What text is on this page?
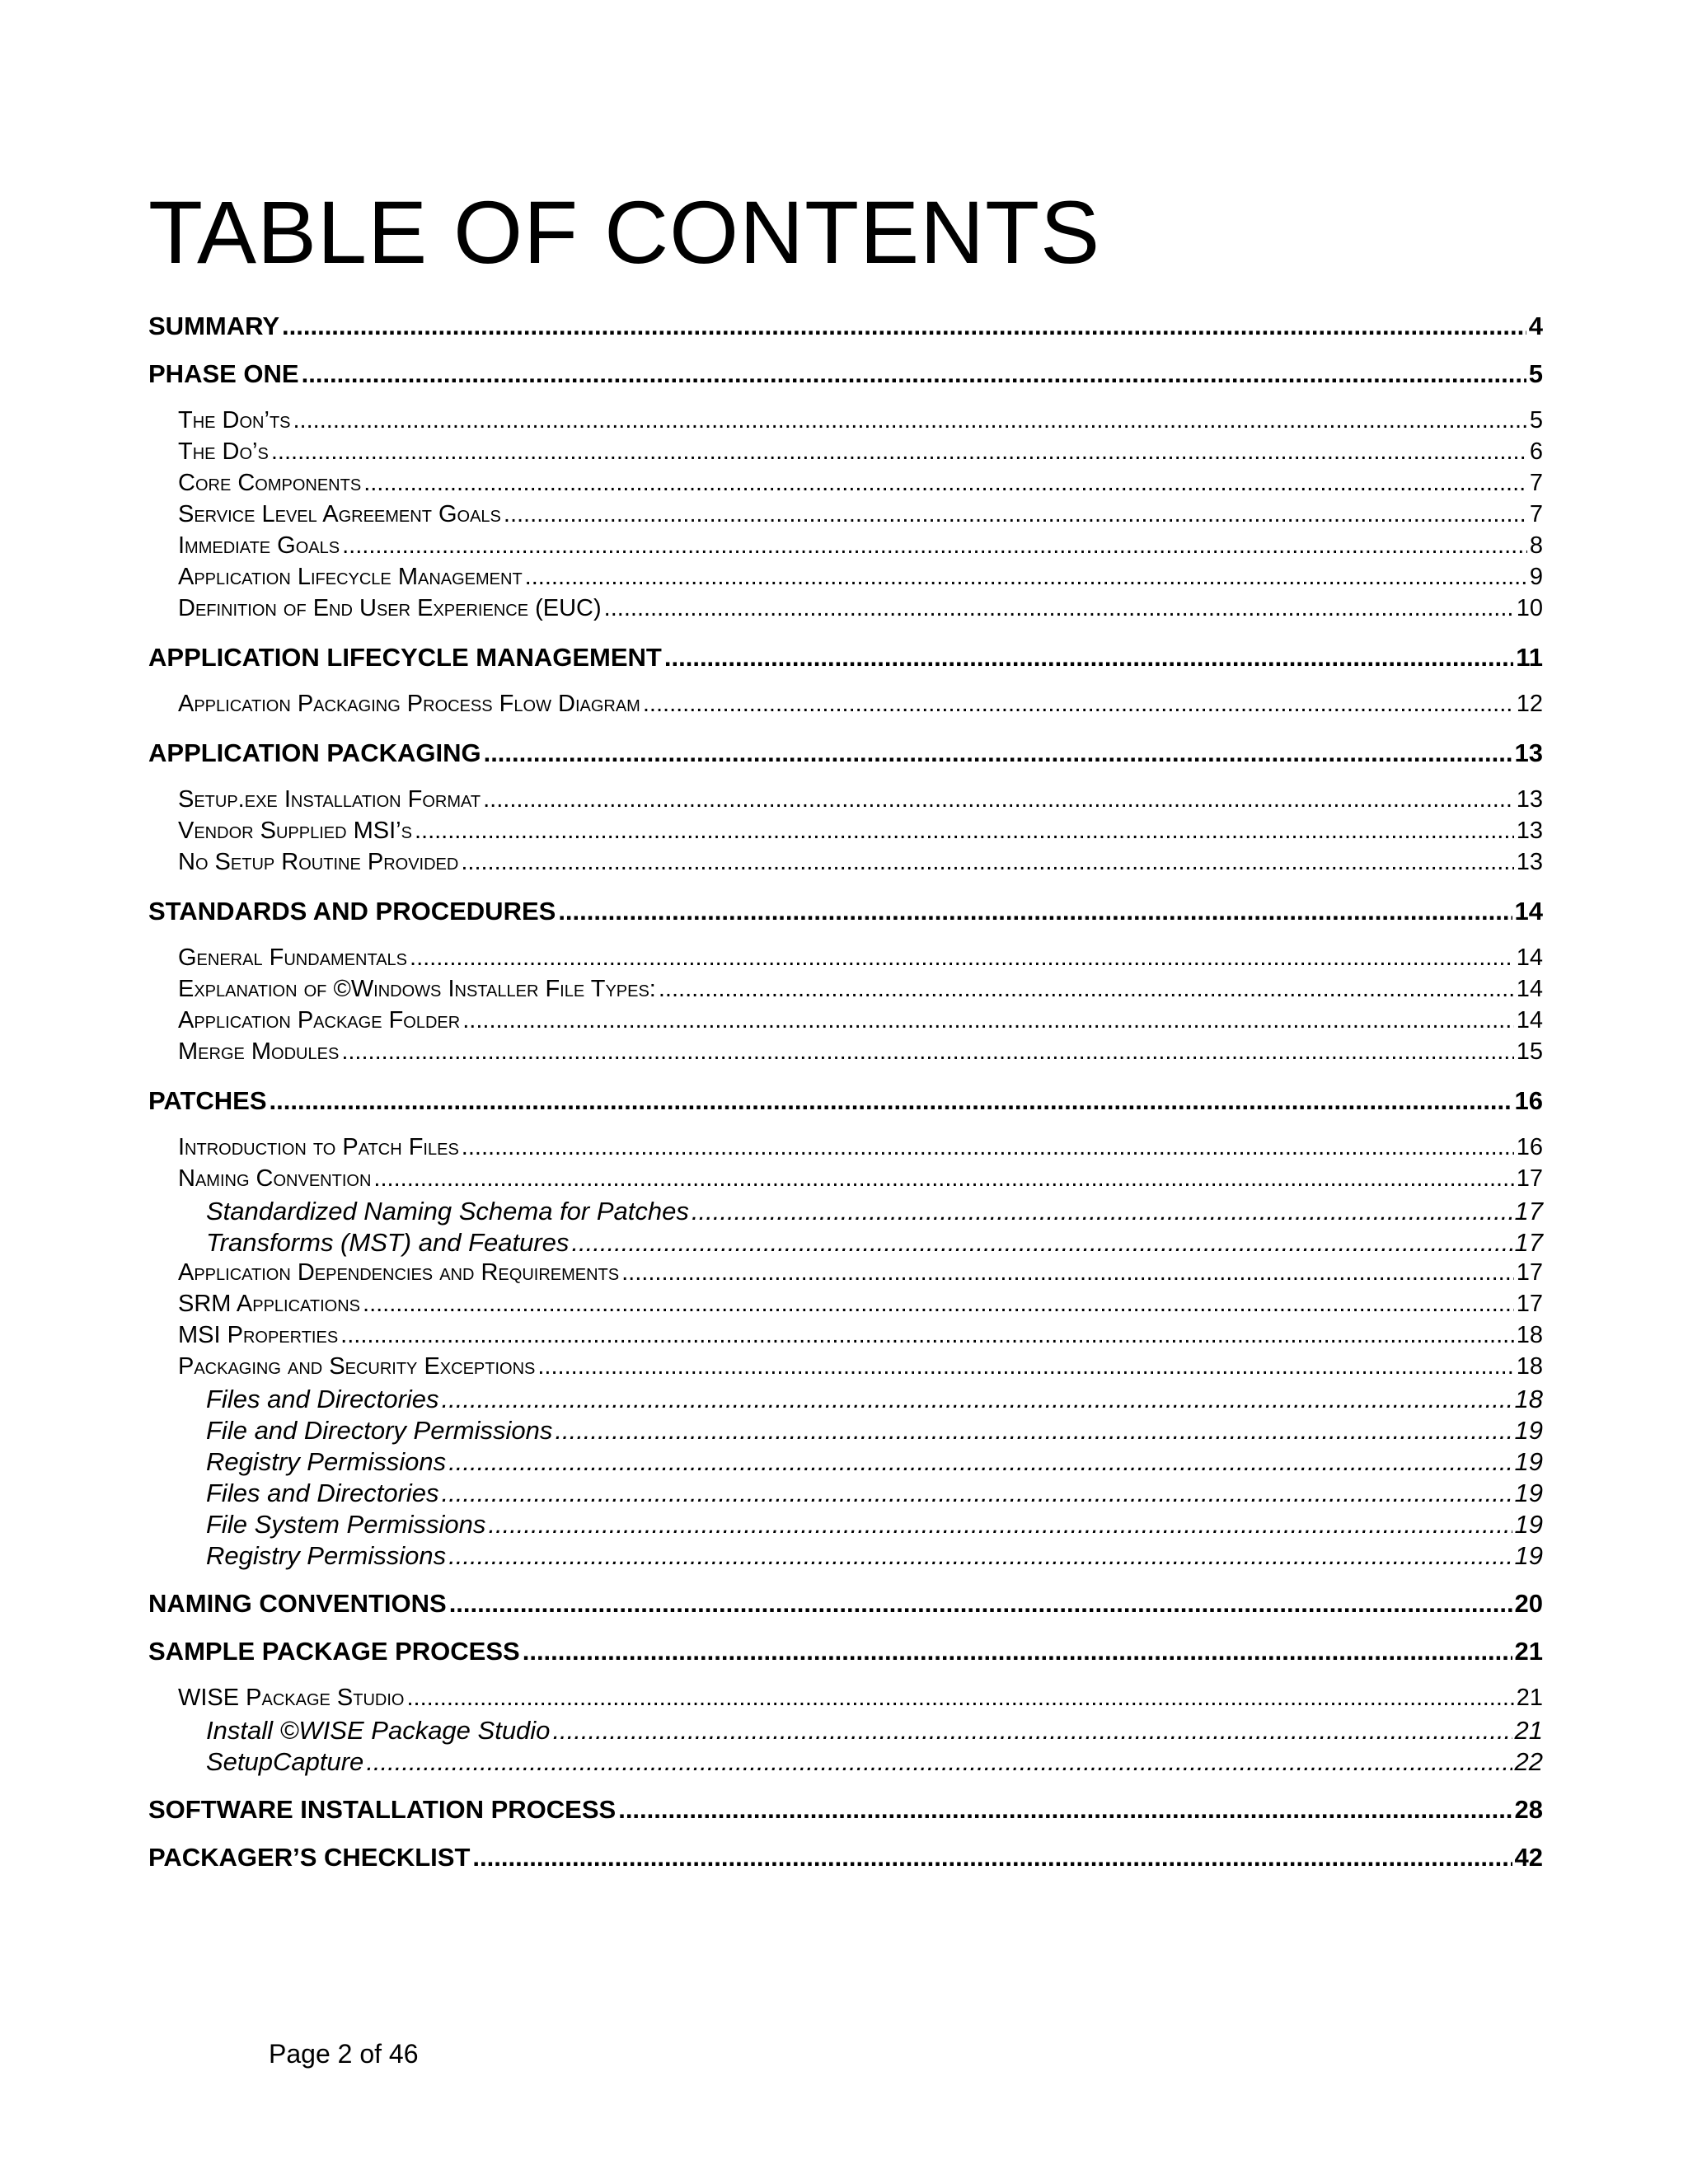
TABLE OF CONTENTS
SUMMARY .....	4
PHASE ONE .....	5
The Don’ts .....	5
The Do’s .....	6
Core Components .....	7
Service Level Agreement Goals .....	7
Immediate Goals .....	8
Application Lifecycle Management .....	9
Definition of End User Experience (EUC) .....	10
APPLICATION LIFECYCLE MANAGEMENT .....	11
Application Packaging Process Flow Diagram .....	12
APPLICATION PACKAGING .....	13
Setup.exe Installation Format .....	13
Vendor Supplied MSI’s .....	13
No Setup Routine Provided .....	13
STANDARDS AND PROCEDURES .....	14
General Fundamentals .....	14
Explanation of ©Windows Installer File Types: .....	14
Application Package Folder .....	14
Merge Modules .....	15
PATCHES .....	16
Introduction to Patch Files .....	16
Naming Convention .....	17
Standardized Naming Schema for Patches .....	17
Transforms (MST) and Features .....	17
Application Dependencies and Requirements .....	17
SRM Applications .....	17
MSI Properties .....	18
Packaging and Security Exceptions .....	18
Files and Directories .....	18
File and Directory Permissions .....	19
Registry Permissions .....	19
Files and Directories .....	19
File System Permissions .....	19
Registry Permissions .....	19
NAMING CONVENTIONS .....	20
SAMPLE PACKAGE PROCESS .....	21
WISE Package Studio .....	21
Install ©WISE Package Studio .....	21
SetupCapture .....	22
SOFTWARE INSTALLATION PROCESS .....	28
PACKAGER’S CHECKLIST .....	42
Page 2 of 46
